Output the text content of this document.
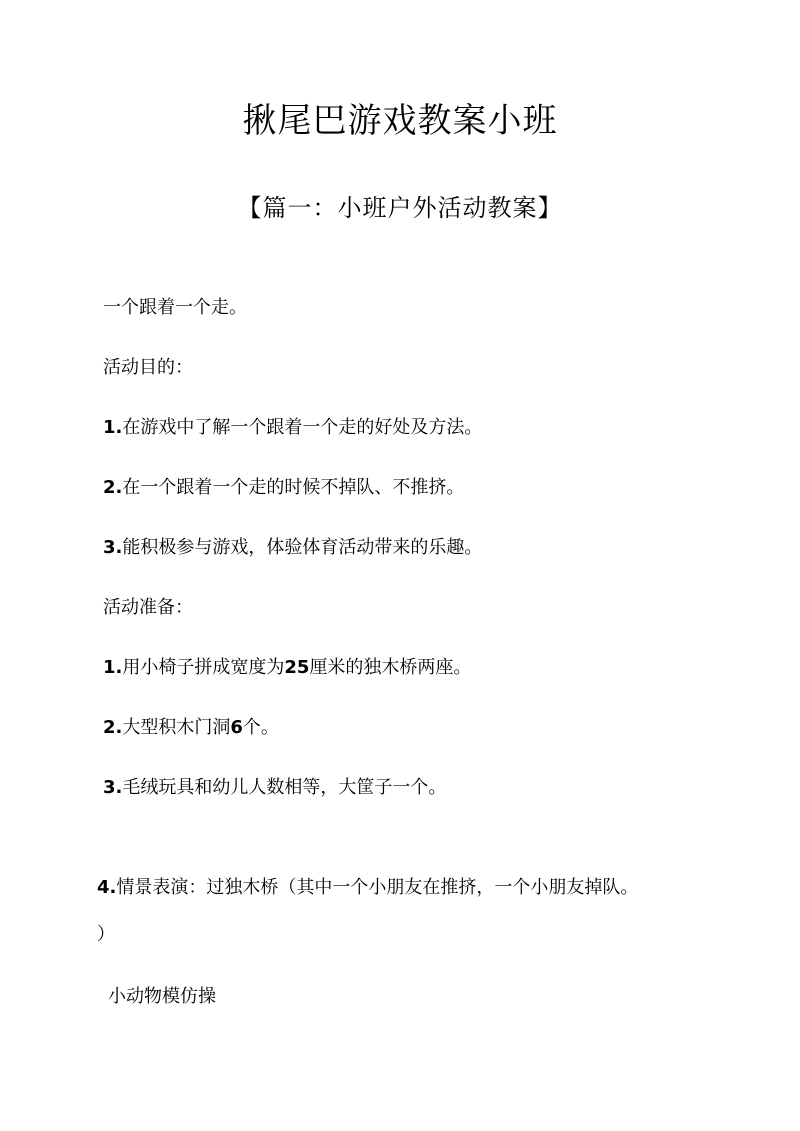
揪尾巴游戏教案小班
【篇一：小班户外活动教案】
一个跟着一个走。
活动目的：
1.在游戏中了解一个跟着一个走的好处及方法。
2.在一个跟着一个走的时候不掉队、不推挤。
3.能积极参与游戏，体验体育活动带来的乐趣。
活动准备：
1.用小椅子拼成宽度为25厘米的独木桥两座。
2.大型积木门洞6个。
3.毛绒玩具和幼儿人数相等，大筐子一个。
4.情景表演：过独木桥（其中一个小朋友在推挤，一个小朋友掉队。
）
小动物模仿操
